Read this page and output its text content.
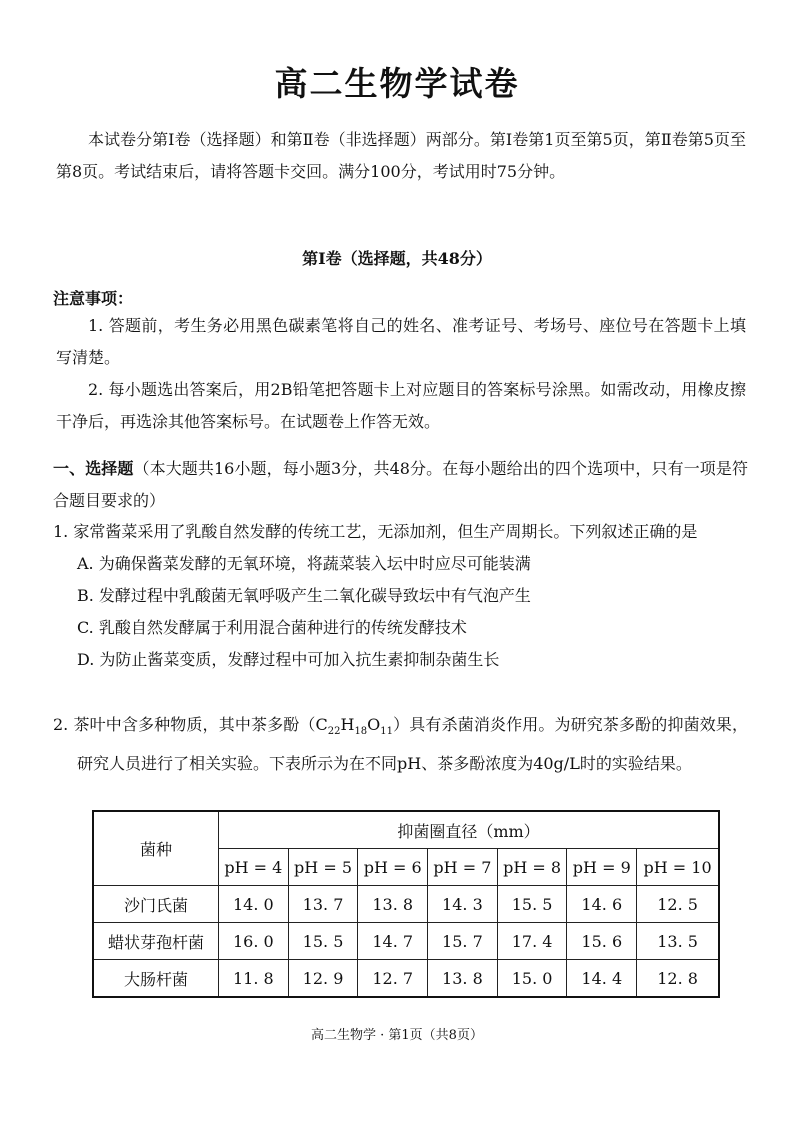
高二生物学试卷
本试卷分第Ⅰ卷（选择题）和第Ⅱ卷（非选择题）两部分。第Ⅰ卷第1页至第5页，第Ⅱ卷第5页至第8页。考试结束后，请将答题卡交回。满分100分，考试用时75分钟。
第Ⅰ卷（选择题，共48分）
注意事项：
1. 答题前，考生务必用黑色碳素笔将自己的姓名、准考证号、考场号、座位号在答题卡上填写清楚。
2. 每小题选出答案后，用2B铅笔把答题卡上对应题目的答案标号涂黑。如需改动，用橡皮擦干净后，再选涂其他答案标号。在试题卷上作答无效。
一、选择题（本大题共16小题，每小题3分，共48分。在每小题给出的四个选项中，只有一项是符合题目要求的）
1. 家常酱菜采用了乳酸自然发酵的传统工艺，无添加剂，但生产周期长。下列叙述正确的是
A. 为确保酱菜发酵的无氧环境，将蔬菜装入坛中时应尽可能装满
B. 发酵过程中乳酸菌无氧呼吸产生二氧化碳导致坛中有气泡产生
C. 乳酸自然发酵属于利用混合菌种进行的传统发酵技术
D. 为防止酱菜变质，发酵过程中可加入抗生素抑制杂菌生长
2. 茶叶中含多种物质，其中茶多酚$(C_{22}H_{18}O_{11})$具有杀菌消炎作用。为研究茶多酚的抑菌效果，研究人员进行了相关实验。下表所示为在不同pH、茶多酚浓度为40g/L时的实验结果。
菌种	抑菌圈直径（mm）						
	pH = 4	pH = 5	pH = 6	pH = 7	pH = 8	pH = 9	pH = 10
沙门氏菌	14. 0	13. 7	13. 8	14. 3	15. 5	14. 6	12. 5
蜡状芽孢杆菌	16. 0	15. 5	14. 7	15. 7	17. 4	15. 6	13. 5
大肠杆菌	11. 8	12. 9	12. 7	13. 8	15. 0	14. 4	12. 8
高二生物学 · 第1页（共8页）
